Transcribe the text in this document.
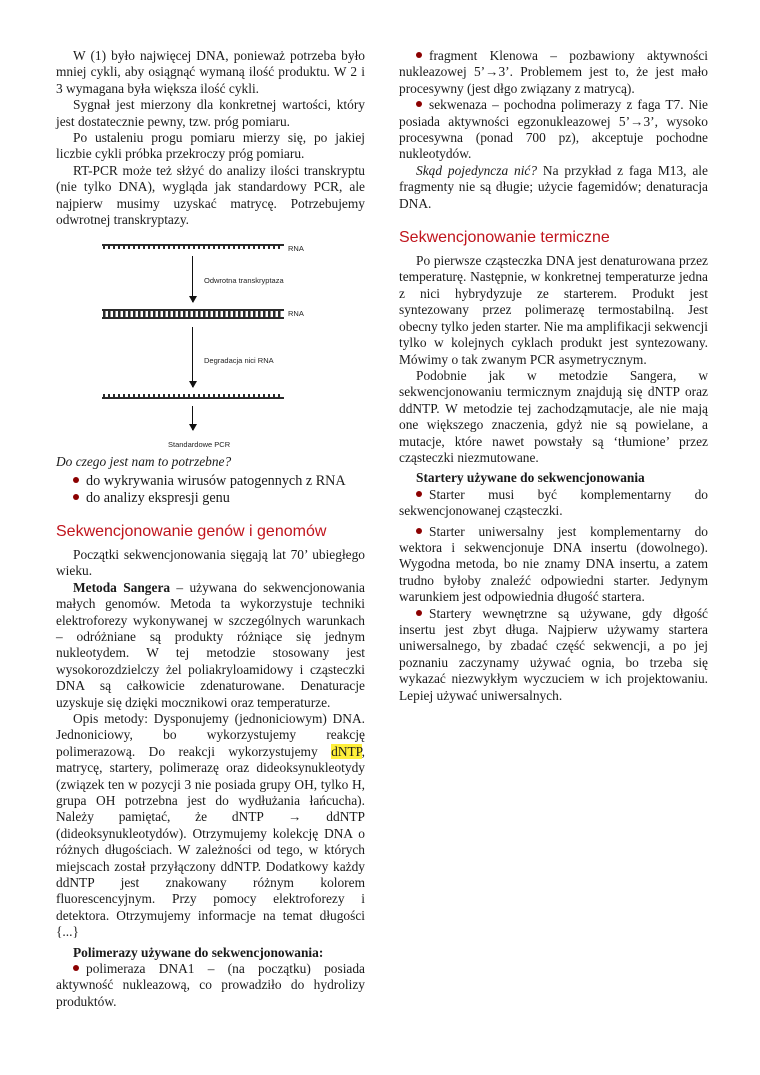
W (1) było najwięcej DNA, ponieważ potrzeba było mniej cykli, aby osiągnąć wymaną ilość produktu. W 2 i 3 wymagana była większa ilość cykli.

Sygnał jest mierzony dla konkretnej wartości, który jest dostatecznie pewny, tzw. próg pomiaru.

Po ustaleniu progu pomiaru mierzy się, po jakiej liczbie cykli próbka przekroczy próg pomiaru.

RT-PCR może też słżyć do analizy ilości transkryptu (nie tylko DNA), wygląda jak standardowy PCR, ale najpierw musimy uzyskać matrycę. Potrzebujemy odwrotnej transkryptazy.

RNA
Odwrotna transkryptaza
RNA
Degradacja nici RNA
Standardowe PCR

Do czego jest nam to potrzebne?

do wykrywania wirusów patogennych z RNA
do analizy ekspresji genu
Sekwencjonowanie genów i genomów

Początki sekwencjonowania sięgają lat 70’ ubiegłego wieku.

Metoda Sangera – używana do sekwencjonowania małych genomów. Metoda ta wykorzystuje techniki elektroforezy wykonywanej w szczególnych warunkach – odróżniane są produkty różniące się jednym nukleotydem. W tej metodzie stosowany jest wysokorozdzielczy żel poliakryloamidowy i cząsteczki DNA są całkowicie zdenaturowane. Denaturacje uzyskuje się dzięki mocznikowi oraz temperaturze.

Opis metody: Dysponujemy (jednoniciowym) DNA. Jednoniciowy, bo wykorzystujemy reakcję polimerazową. Do reakcji wykorzystujemy dNTP, matrycę, startery, polimerazę oraz dideoksynukleotydy (związek ten w pozycji 3 nie posiada grupy OH, tylko H, grupa OH potrzebna jest do wydłużania łańcucha). Należy pamiętać, że dNTP → ddNTP (dideoksynukleotydów). Otrzymujemy kolekcję DNA o różnych długościach. W zależności od tego, w których miejscach został przyłączony ddNTP. Dodatkowy każdy ddNTP jest znakowany różnym kolorem fluorescencyjnym. Przy pomocy elektroforezy i detektora. Otrzymujemy informacje na temat długości {...}

Polimerazy używane do sekwencjonowania:

polimeraza DNA1 – (na początku) posiada aktywność nukleazową, co prowadziło do hydrolizy produktów.

fragment Klenowa – pozbawiony aktywności nukleazowej 5’→3’. Problemem jest to, że jest mało procesywny (jest dłgo związany z matrycą).

sekwenaza – pochodna polimerazy z faga T7. Nie posiada aktywności egzonukleazowej 5’→3’, wysoko procesywna (ponad 700 pz), akceptuje pochodne nukleotydów.

Skąd pojedyncza nić? Na przykład z faga M13, ale fragmenty nie są długie; użycie fagemidów; denaturacja DNA.

Sekwencjonowanie termiczne

Po pierwsze cząsteczka DNA jest denaturowana przez temperaturę. Następnie, w konkretnej temperaturze jedna z nici hybrydyzuje ze starterem. Produkt jest syntezowany przez polimerazę termostabilną. Jest obecny tylko jeden starter. Nie ma amplifikacji sekwencji tylko w kolejnych cyklach produkt jest syntezowany. Mówimy o tak zwanym PCR asymetrycznym.

Podobnie jak w metodzie Sangera, w sekwencjonowaniu termicznym znajdują się dNTP oraz ddNTP. W metodzie tej zachodząmutacje, ale nie mają one większego znaczenia, gdyż nie są powielane, a mutacje, które nawet powstały są ‘tłumione’ przez cząsteczki niezmutowane.

Startery używane do sekwencjonowania

Starter musi być komplementarny do sekwencjonowanej cząsteczki.

Starter uniwersalny jest komplementarny do wektora i sekwencjonuje DNA insertu (dowolnego). Wygodna metoda, bo nie znamy DNA insertu, a zatem trudno byłoby znaleźć odpowiedni starter. Jedynym warunkiem jest odpowiednia długość startera.

Startery wewnętrzne są używane, gdy dłgość insertu jest zbyt długa. Najpierw używamy startera uniwersalnego, by zbadać część sekwencji, a po jej poznaniu zaczynamy używać ognia, bo trzeba się wykazać niezwykłym wyczuciem w ich projektowaniu. Lepiej używać uniwersalnych.
